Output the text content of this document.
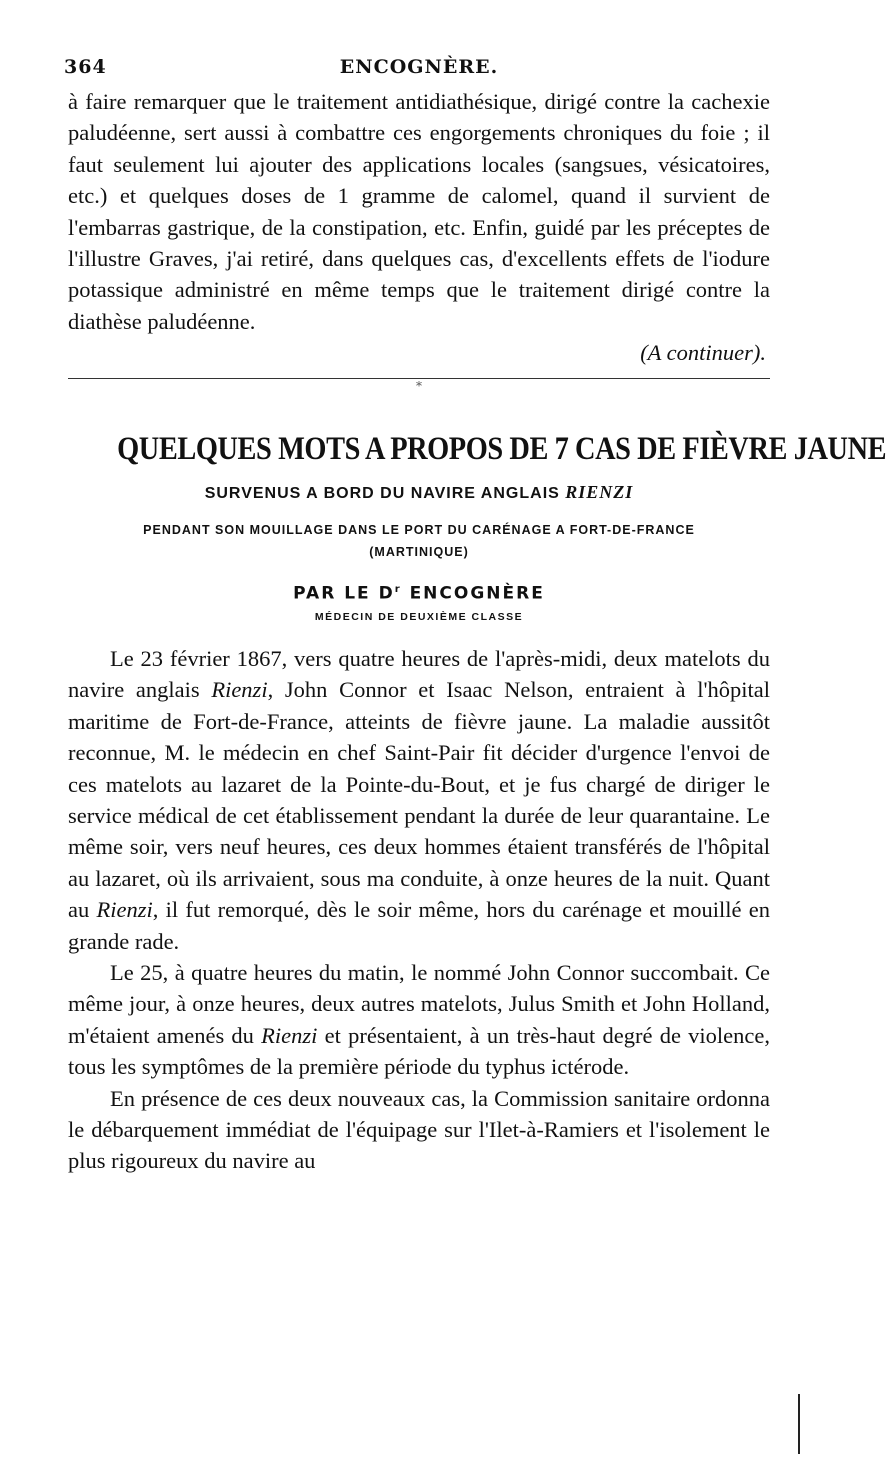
364	ENCOGNÈRE.

à faire remarquer que le traitement antidiathésique, dirigé contre la cachexie paludéenne, sert aussi à combattre ces engorgements chroniques du foie ; il faut seulement lui ajouter des applications locales (sangsues, vésicatoires, etc.) et quelques doses de 1 gramme de calomel, quand il survient de l'embarras gastrique, de la constipation, etc. Enfin, guidé par les préceptes de l'illustre Graves, j'ai retiré, dans quelques cas, d'excellents effets de l'iodure potassique administré en même temps que le traitement dirigé contre la diathèse paludéenne.

(A continuer).
*
QUELQUES MOTS A PROPOS DE 7 CAS DE FIÈVRE JAUNE
SURVENUS A BORD DU NAVIRE ANGLAIS RIENZI
PENDANT SON MOUILLAGE DANS LE PORT DU CARÉNAGE A FORT-DE-FRANCE
(MARTINIQUE)
PAR LE $D^r$ ENCOGNÈRE
MÉDECIN DE DEUXIÈME CLASSE

Le 23 février 1867, vers quatre heures de l'après-midi, deux matelots du navire anglais Rienzi, John Connor et Isaac Nelson, entraient à l'hôpital maritime de Fort-de-France, atteints de fièvre jaune. La maladie aussitôt reconnue, M. le médecin en chef Saint-Pair fit décider d'urgence l'envoi de ces matelots au lazaret de la Pointe-du-Bout, et je fus chargé de diriger le service médical de cet établissement pendant la durée de leur quarantaine. Le même soir, vers neuf heures, ces deux hommes étaient transférés de l'hôpital au lazaret, où ils arrivaient, sous ma conduite, à onze heures de la nuit. Quant au Rienzi, il fut remorqué, dès le soir même, hors du carénage et mouillé en grande rade.

Le 25, à quatre heures du matin, le nommé John Connor succombait. Ce même jour, à onze heures, deux autres matelots, Julus Smith et John Holland, m'étaient amenés du Rienzi et présentaient, à un très-haut degré de violence, tous les symptômes de la première période du typhus ictérode.

En présence de ces deux nouveaux cas, la Commission sanitaire ordonna le débarquement immédiat de l'équipage sur l'Ilet-à-Ramiers et l'isolement le plus rigoureux du navire au
